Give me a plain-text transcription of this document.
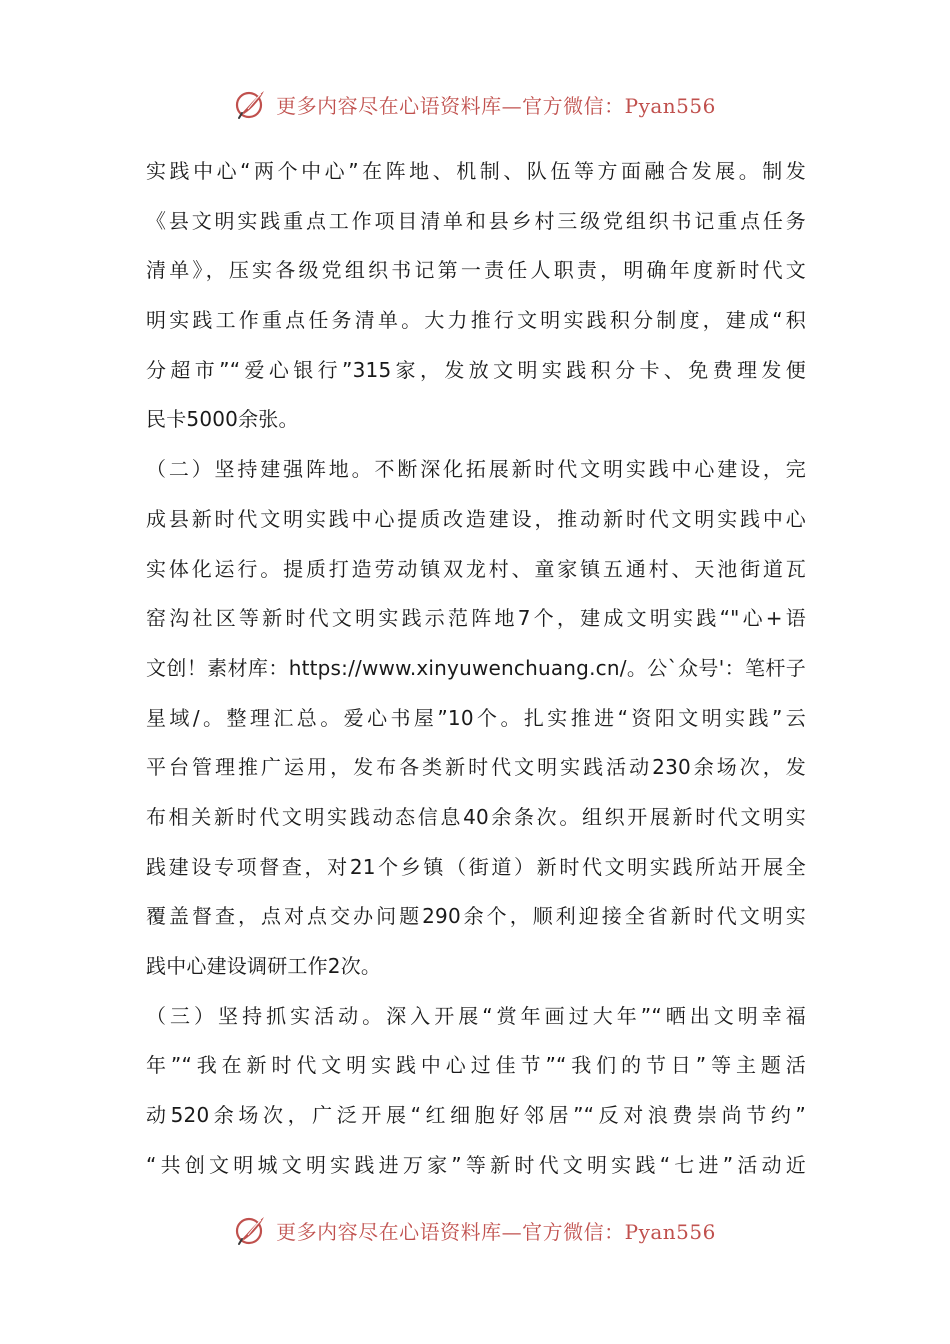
更多内容尽在心语资料库—官方微信：Pyan556
实践中心“两个中心”在阵地、机制、队伍等方面融合发展。制发
《县文明实践重点工作项目清单和县乡村三级党组织书记重点任务
清单》，压实各级党组织书记第一责任人职责，明确年度新时代文
明实践工作重点任务清单。大力推行文明实践积分制度，建成“积
分超市”“爱心银行”315家，发放文明实践积分卡、免费理发便
民卡5000余张。
（二）坚持建强阵地。不断深化拓展新时代文明实践中心建设，完
成县新时代文明实践中心提质改造建设，推动新时代文明实践中心
实体化运行。提质打造劳动镇双龙村、童家镇五通村、天池街道瓦
窑沟社区等新时代文明实践示范阵地7个，建成文明实践“"心+语
文创！素材库：https://www.xinyuwenchuang.cn/。公`众号'：笔杆子
星域/。整理汇总。爱心书屋”10个。扎实推进“资阳文明实践”云
平台管理推广运用，发布各类新时代文明实践活动230余场次，发
布相关新时代文明实践动态信息40余条次。组织开展新时代文明实
践建设专项督查，对21个乡镇（街道）新时代文明实践所站开展全
覆盖督查，点对点交办问题290余个，顺利迎接全省新时代文明实
践中心建设调研工作2次。
（三）坚持抓实活动。深入开展“赏年画过大年”“晒出文明幸福
年”“我在新时代文明实践中心过佳节”“我们的节日”等主题活
动520余场次，广泛开展“红细胞好邻居”“反对浪费崇尚节约”
“共创文明城文明实践进万家”等新时代文明实践“七进”活动近
更多内容尽在心语资料库—官方微信：Pyan556
